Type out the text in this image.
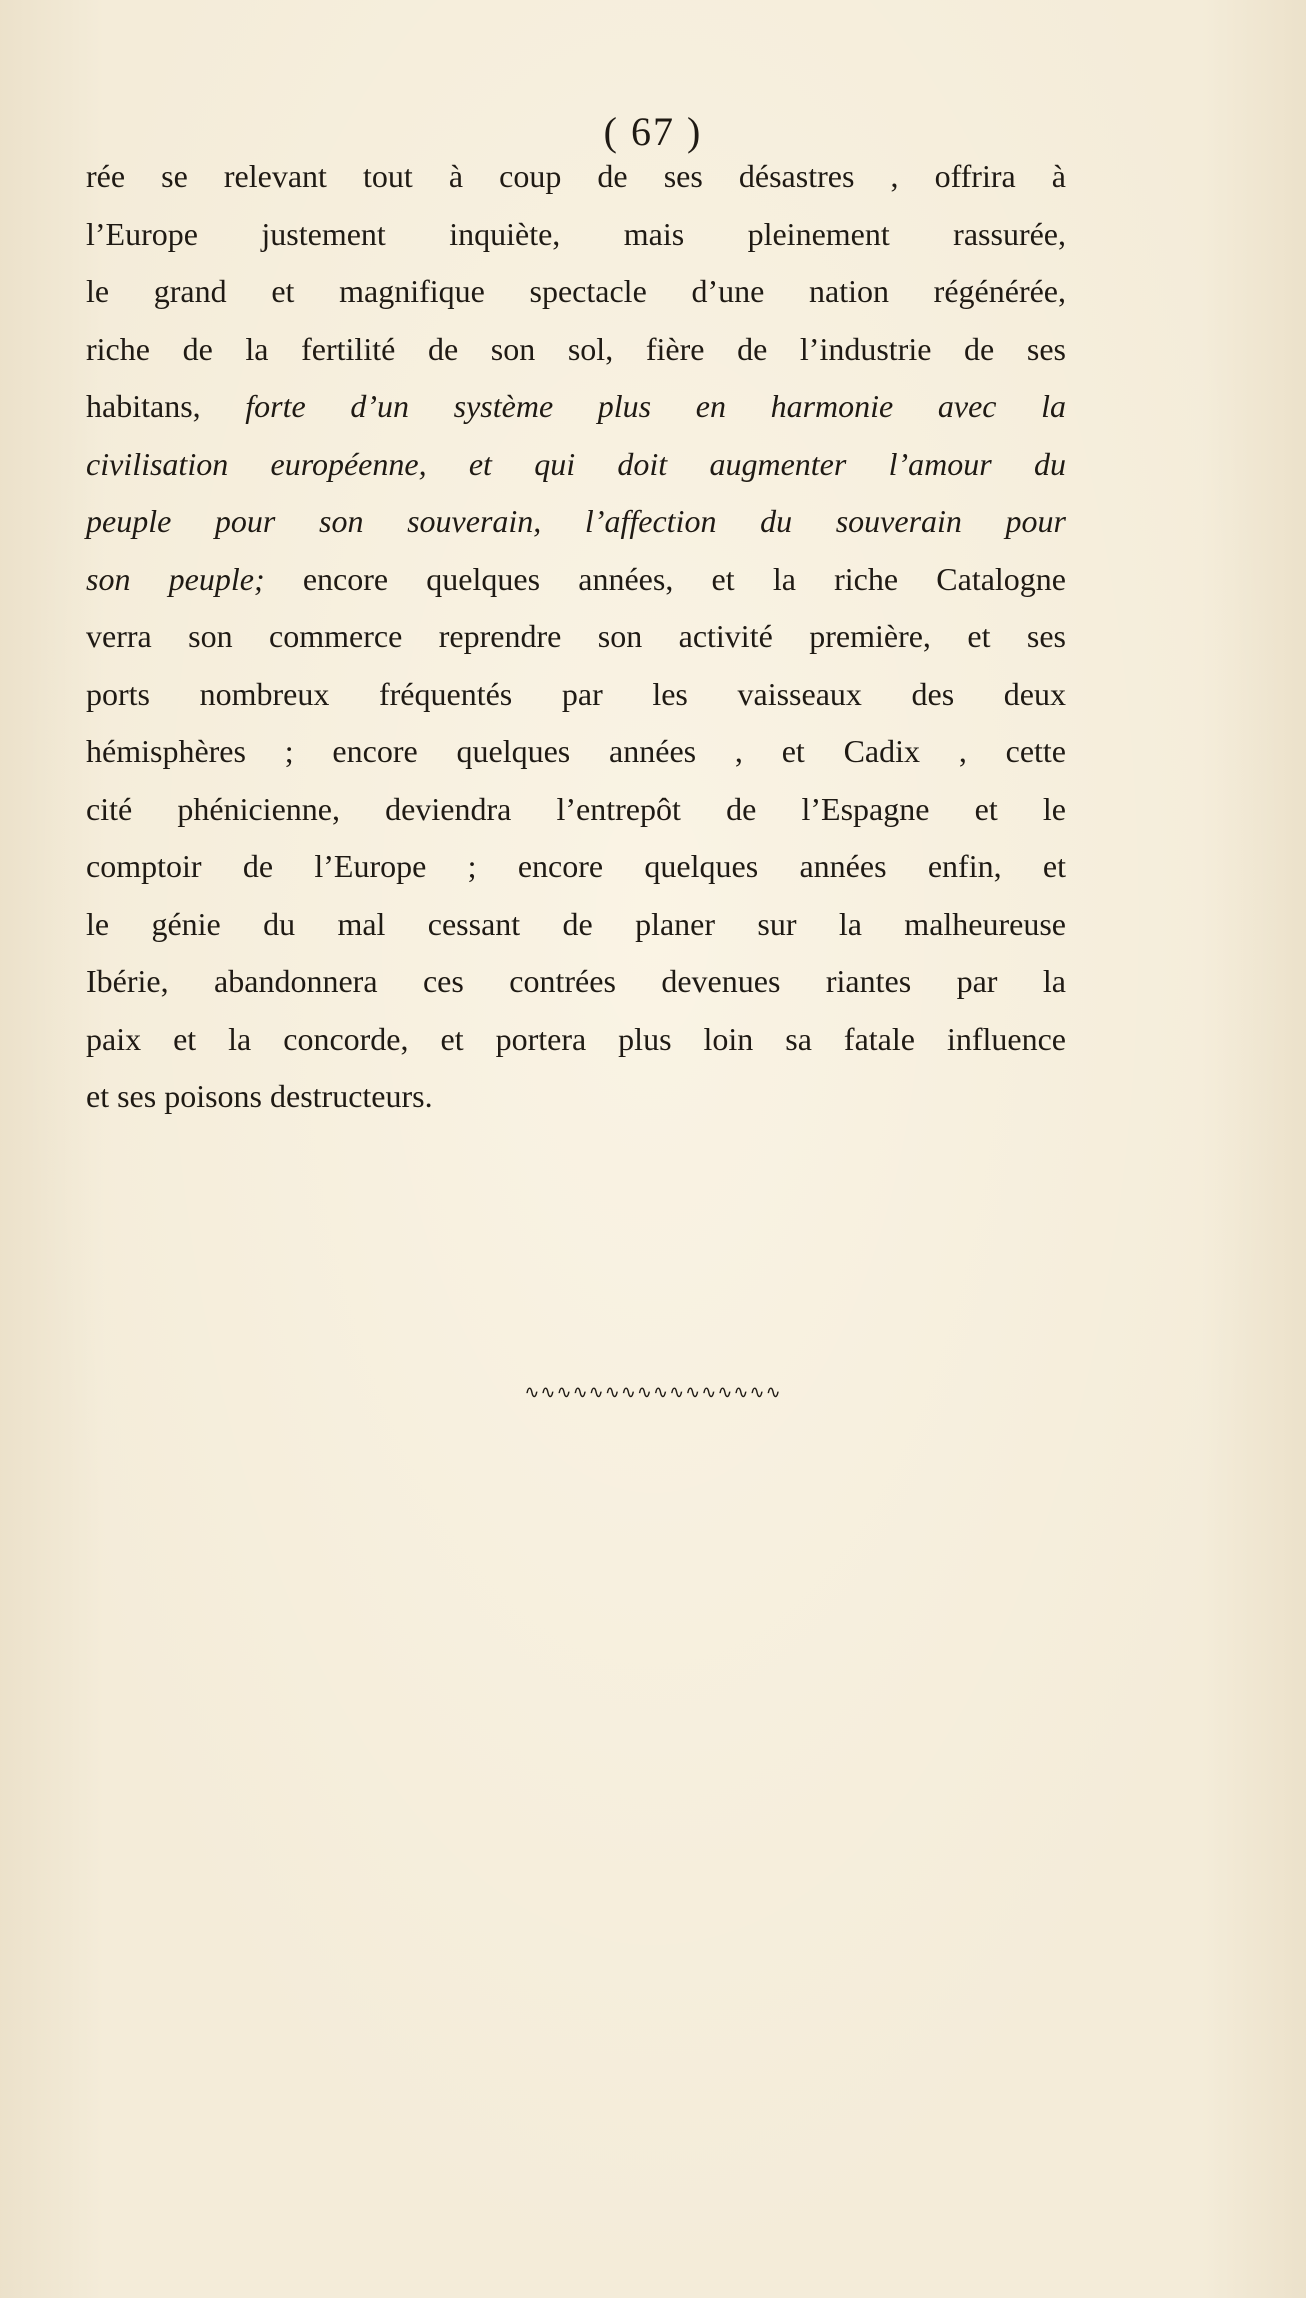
( 67 )
rée se relevant tout à coup de ses désastres , offrira à
l’Europe justement inquiète, mais pleinement rassurée,
le grand et magnifique spectacle d’une nation régénérée,
riche de la fertilité de son sol, fière de l’industrie de ses
habitans, forte d’un système plus en harmonie avec la
civilisation européenne, et qui doit augmenter l’amour du
peuple pour son souverain, l’affection du souverain pour
son peuple; encore quelques années, et la riche Catalogne
verra son commerce reprendre son activité première, et ses
ports nombreux fréquentés par les vaisseaux des deux
hémisphères ; encore quelques années , et Cadix , cette
cité phénicienne, deviendra l’entrepôt de l’Espagne et le
comptoir de l’Europe ; encore quelques années enfin, et
le génie du mal cessant de planer sur la malheureuse
Ibérie, abandonnera ces contrées devenues riantes par la
paix et la concorde, et portera plus loin sa fatale influence
et ses poisons destructeurs.
∿∿∿∿∿∿∿∿∿∿∿∿∿∿∿∿
